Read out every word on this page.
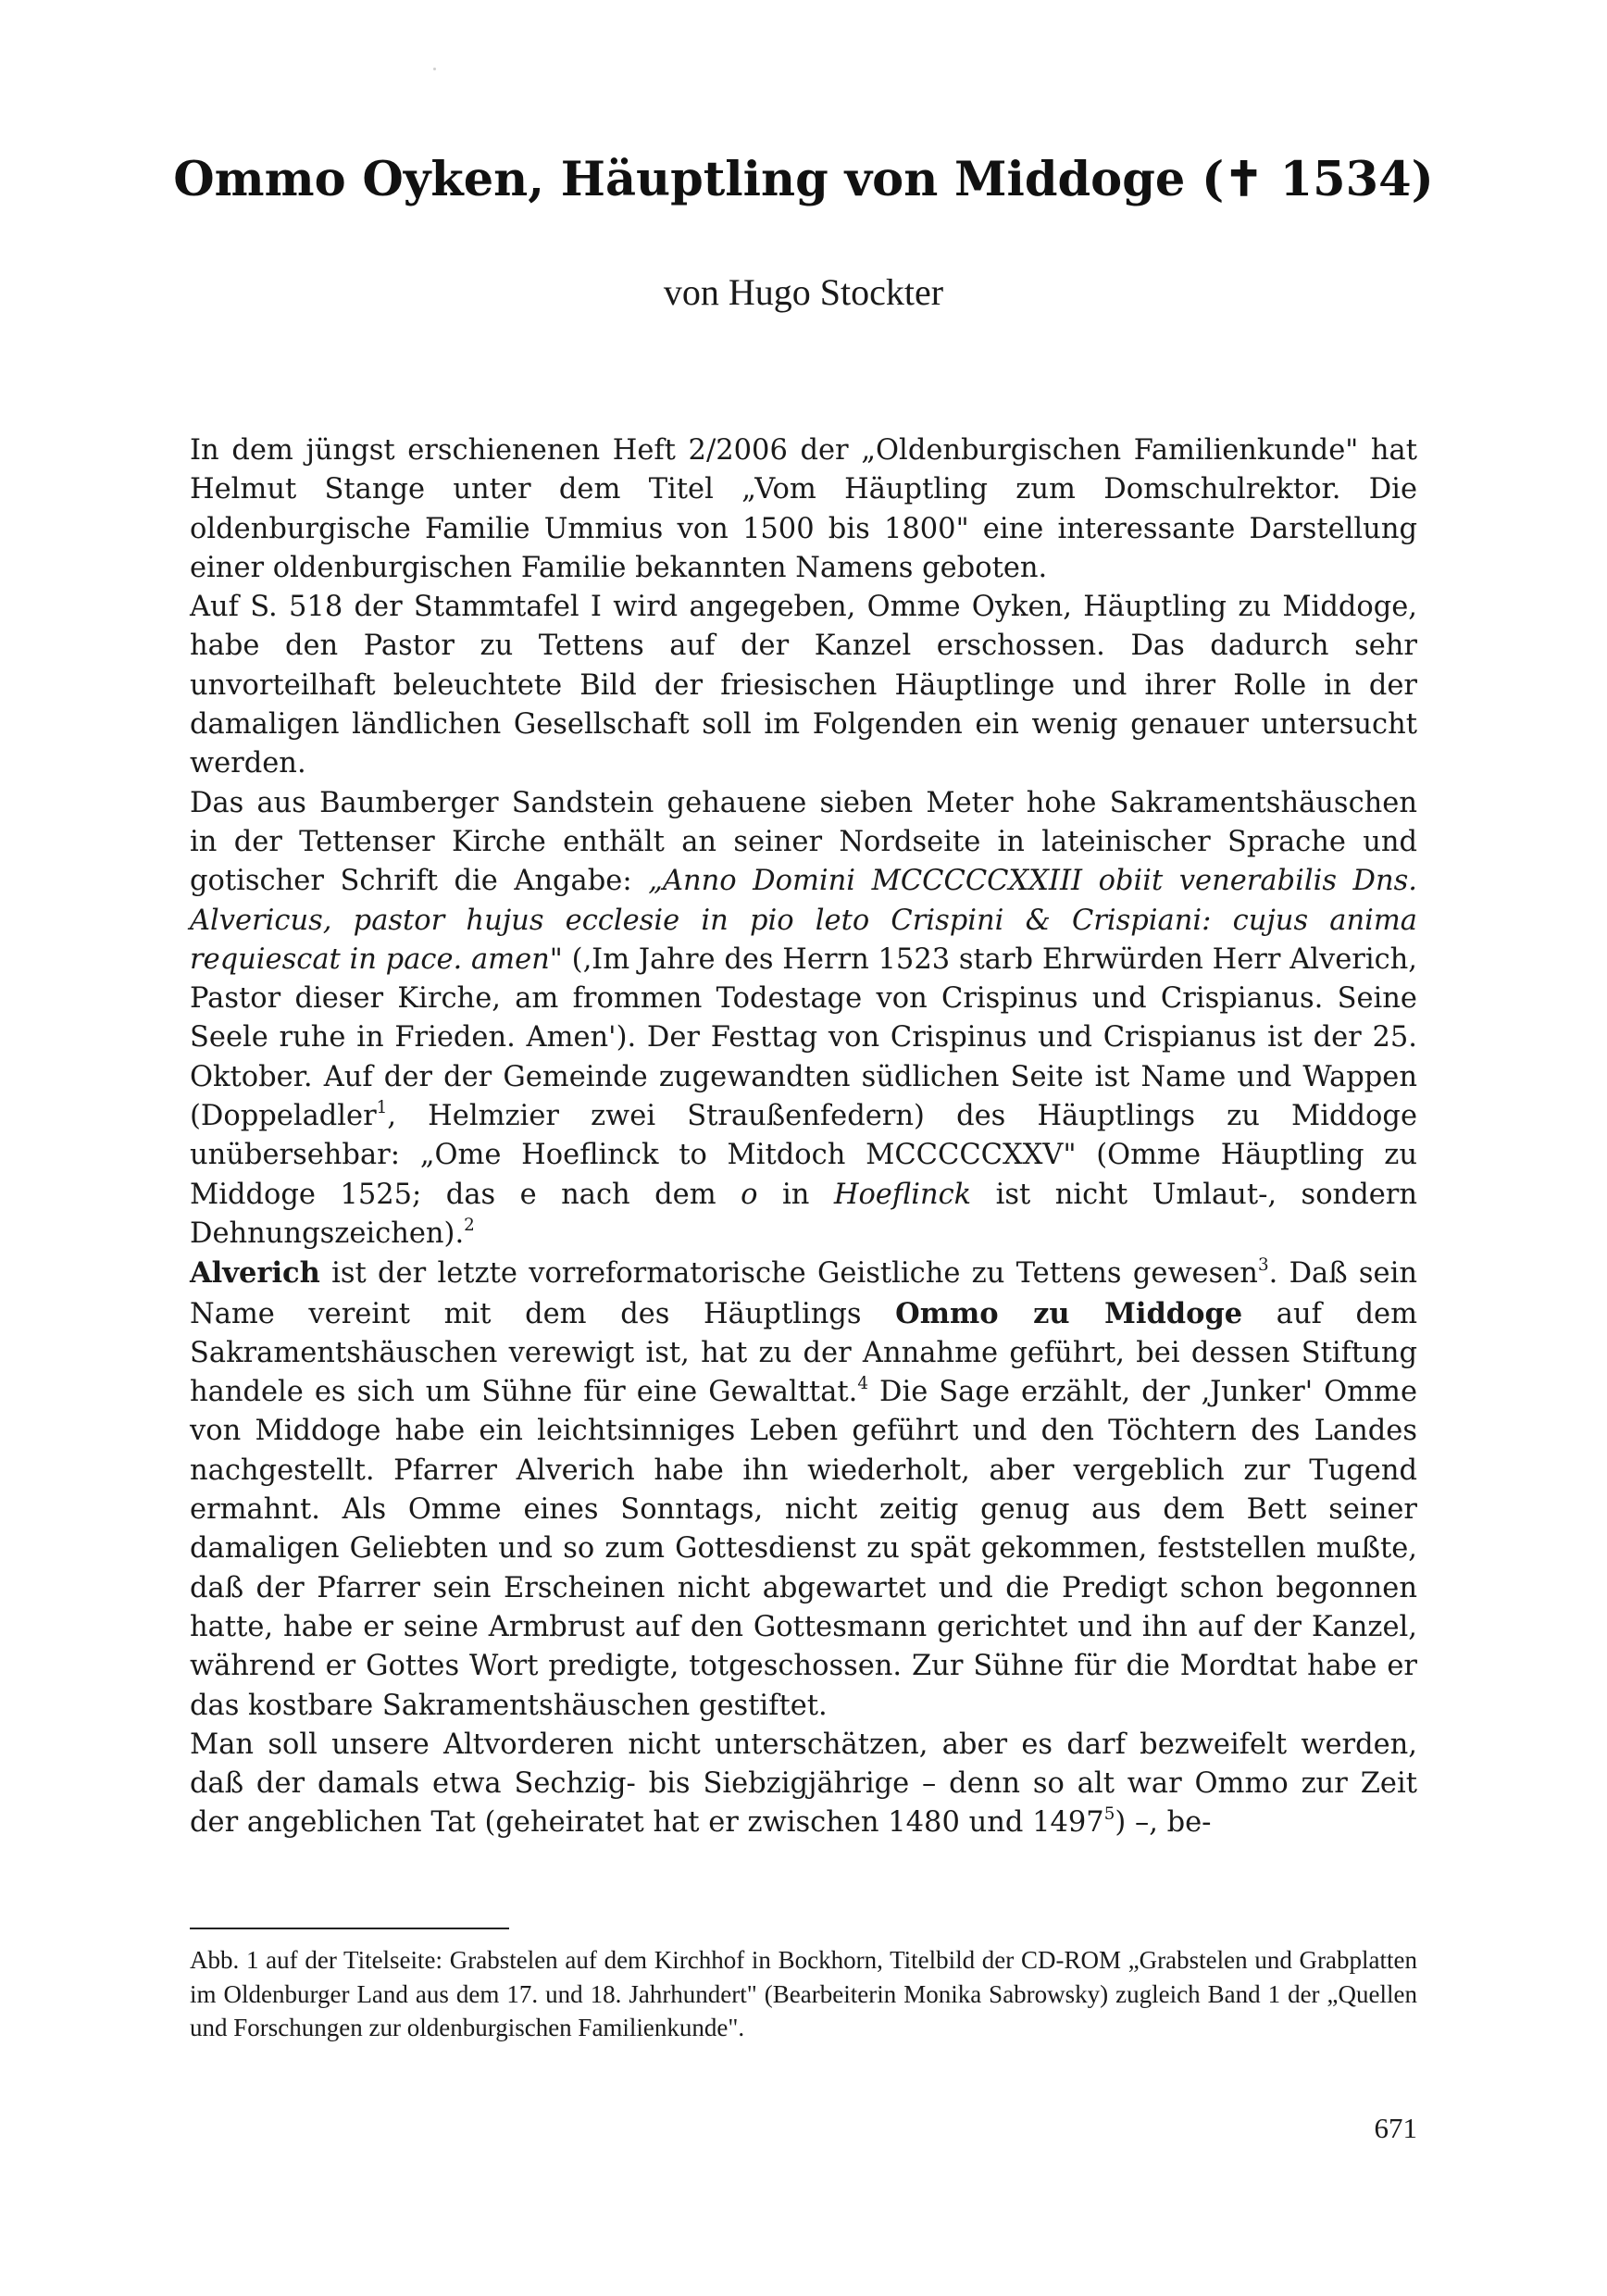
Ommo Oyken, Häuptling von Middoge (✝ 1534)
von Hugo Stockter

In dem jüngst erschienenen Heft 2/2006 der „Oldenburgischen Familienkunde" hat Helmut Stange unter dem Titel „Vom Häuptling zum Domschulrektor. Die oldenburgische Familie Ummius von 1500 bis 1800" eine interessante Darstellung einer oldenburgischen Familie bekannten Namens geboten.

Auf S. 518 der Stammtafel I wird angegeben, Omme Oyken, Häuptling zu Middoge, habe den Pastor zu Tettens auf der Kanzel erschossen. Das dadurch sehr unvorteilhaft beleuchtete Bild der friesischen Häuptlinge und ihrer Rolle in der damaligen ländlichen Gesellschaft soll im Folgenden ein wenig genauer untersucht werden.

Das aus Baumberger Sandstein gehauene sieben Meter hohe Sakramentshäuschen in der Tettenser Kirche enthält an seiner Nordseite in lateinischer Sprache und gotischer Schrift die Angabe: „Anno Domini MCCCCCXXIII obiit venerabilis Dns. Alvericus, pastor hujus ecclesie in pio leto Crispini & Crispiani: cujus anima requiescat in pace. amen" (‚Im Jahre des Herrn 1523 starb Ehrwürden Herr Alverich, Pastor dieser Kirche, am frommen Todestage von Crispinus und Crispianus. Seine Seele ruhe in Frieden. Amen'). Der Festtag von Crispinus und Crispianus ist der 25. Oktober. Auf der der Gemeinde zugewandten südlichen Seite ist Name und Wappen (Doppeladler$^1$, Helmzier zwei Straußenfedern) des Häuptlings zu Middoge unübersehbar: „Ome Hoeflinck to Mitdoch MCCCCCXXV" (Omme Häuptling zu Middoge 1525; das e nach dem o in Hoeflinck ist nicht Umlaut-, sondern Dehnungszeichen).$^2$

Alverich ist der letzte vorreformatorische Geistliche zu Tettens gewesen$^3$. Daß sein Name vereint mit dem des Häuptlings Ommo zu Middoge auf dem Sakramentshäuschen verewigt ist, hat zu der Annahme geführt, bei dessen Stiftung handele es sich um Sühne für eine Gewalttat.$^4$ Die Sage erzählt, der ‚Junker' Omme von Middoge habe ein leichtsinniges Leben geführt und den Töchtern des Landes nachgestellt. Pfarrer Alverich habe ihn wiederholt, aber vergeblich zur Tugend ermahnt. Als Omme eines Sonntags, nicht zeitig genug aus dem Bett seiner damaligen Geliebten und so zum Gottesdienst zu spät gekommen, feststellen mußte, daß der Pfarrer sein Erscheinen nicht abgewartet und die Predigt schon begonnen hatte, habe er seine Armbrust auf den Gottesmann gerichtet und ihn auf der Kanzel, während er Gottes Wort predigte, totgeschossen. Zur Sühne für die Mordtat habe er das kostbare Sakramentshäuschen gestiftet.

Man soll unsere Altvorderen nicht unterschätzen, aber es darf bezweifelt werden, daß der damals etwa Sechzig- bis Siebzigjährige – denn so alt war Ommo zur Zeit der angeblichen Tat (geheiratet hat er zwischen 1480 und 1497$^5$) –, be-

Abb. 1 auf der Titelseite: Grabstelen auf dem Kirchhof in Bockhorn, Titelbild der CD-ROM „Grabstelen und Grabplatten im Oldenburger Land aus dem 17. und 18. Jahrhundert" (Bearbeiterin Monika Sabrowsky) zugleich Band 1 der „Quellen und Forschungen zur oldenburgischen Familienkunde".
671
